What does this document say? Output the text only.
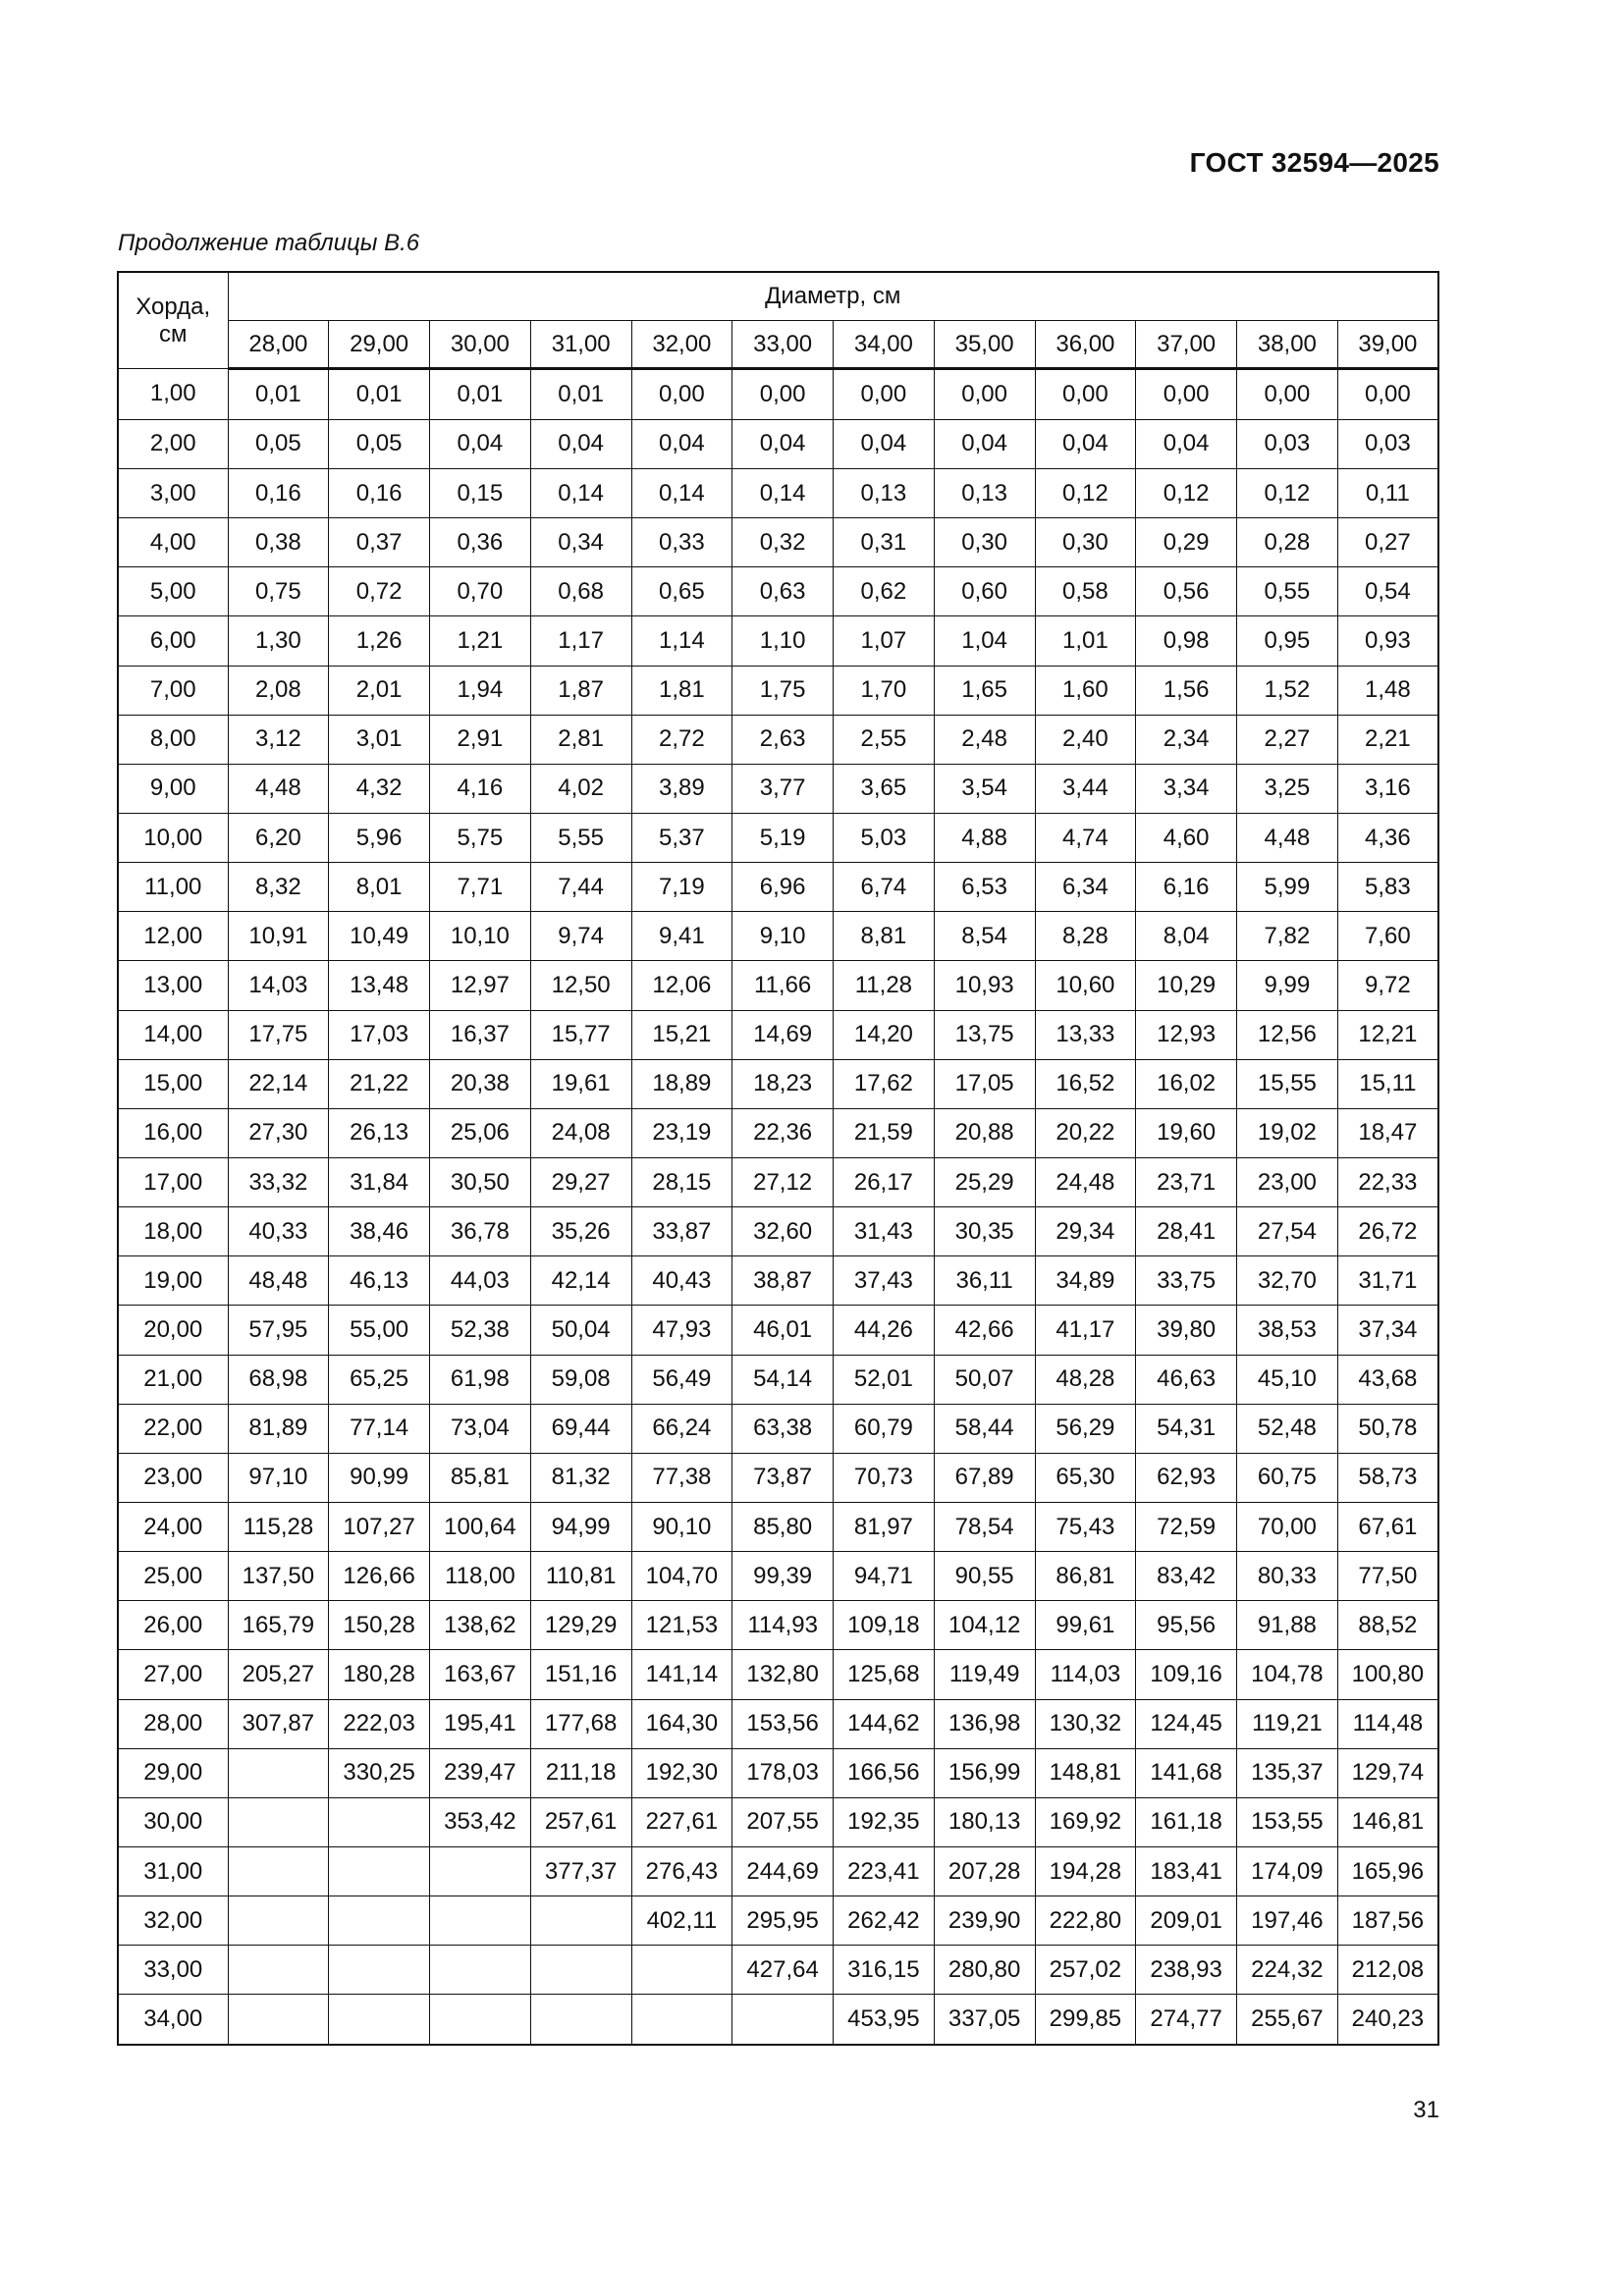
ГОСТ 32594—2025
Продолжение таблицы В.6
Хорда, см	Диаметр, см											
	28,00	29,00	30,00	31,00	32,00	33,00	34,00	35,00	36,00	37,00	38,00	39,00
1,00	0,01	0,01	0,01	0,01	0,00	0,00	0,00	0,00	0,00	0,00	0,00	0,00
2,00	0,05	0,05	0,04	0,04	0,04	0,04	0,04	0,04	0,04	0,04	0,03	0,03
3,00	0,16	0,16	0,15	0,14	0,14	0,14	0,13	0,13	0,12	0,12	0,12	0,11
4,00	0,38	0,37	0,36	0,34	0,33	0,32	0,31	0,30	0,30	0,29	0,28	0,27
5,00	0,75	0,72	0,70	0,68	0,65	0,63	0,62	0,60	0,58	0,56	0,55	0,54
6,00	1,30	1,26	1,21	1,17	1,14	1,10	1,07	1,04	1,01	0,98	0,95	0,93
7,00	2,08	2,01	1,94	1,87	1,81	1,75	1,70	1,65	1,60	1,56	1,52	1,48
8,00	3,12	3,01	2,91	2,81	2,72	2,63	2,55	2,48	2,40	2,34	2,27	2,21
9,00	4,48	4,32	4,16	4,02	3,89	3,77	3,65	3,54	3,44	3,34	3,25	3,16
10,00	6,20	5,96	5,75	5,55	5,37	5,19	5,03	4,88	4,74	4,60	4,48	4,36
11,00	8,32	8,01	7,71	7,44	7,19	6,96	6,74	6,53	6,34	6,16	5,99	5,83
12,00	10,91	10,49	10,10	9,74	9,41	9,10	8,81	8,54	8,28	8,04	7,82	7,60
13,00	14,03	13,48	12,97	12,50	12,06	11,66	11,28	10,93	10,60	10,29	9,99	9,72
14,00	17,75	17,03	16,37	15,77	15,21	14,69	14,20	13,75	13,33	12,93	12,56	12,21
15,00	22,14	21,22	20,38	19,61	18,89	18,23	17,62	17,05	16,52	16,02	15,55	15,11
16,00	27,30	26,13	25,06	24,08	23,19	22,36	21,59	20,88	20,22	19,60	19,02	18,47
17,00	33,32	31,84	30,50	29,27	28,15	27,12	26,17	25,29	24,48	23,71	23,00	22,33
18,00	40,33	38,46	36,78	35,26	33,87	32,60	31,43	30,35	29,34	28,41	27,54	26,72
19,00	48,48	46,13	44,03	42,14	40,43	38,87	37,43	36,11	34,89	33,75	32,70	31,71
20,00	57,95	55,00	52,38	50,04	47,93	46,01	44,26	42,66	41,17	39,80	38,53	37,34
21,00	68,98	65,25	61,98	59,08	56,49	54,14	52,01	50,07	48,28	46,63	45,10	43,68
22,00	81,89	77,14	73,04	69,44	66,24	63,38	60,79	58,44	56,29	54,31	52,48	50,78
23,00	97,10	90,99	85,81	81,32	77,38	73,87	70,73	67,89	65,30	62,93	60,75	58,73
24,00	115,28	107,27	100,64	94,99	90,10	85,80	81,97	78,54	75,43	72,59	70,00	67,61
25,00	137,50	126,66	118,00	110,81	104,70	99,39	94,71	90,55	86,81	83,42	80,33	77,50
26,00	165,79	150,28	138,62	129,29	121,53	114,93	109,18	104,12	99,61	95,56	91,88	88,52
27,00	205,27	180,28	163,67	151,16	141,14	132,80	125,68	119,49	114,03	109,16	104,78	100,80
28,00	307,87	222,03	195,41	177,68	164,30	153,56	144,62	136,98	130,32	124,45	119,21	114,48
29,00		330,25	239,47	211,18	192,30	178,03	166,56	156,99	148,81	141,68	135,37	129,74
30,00			353,42	257,61	227,61	207,55	192,35	180,13	169,92	161,18	153,55	146,81
31,00				377,37	276,43	244,69	223,41	207,28	194,28	183,41	174,09	165,96
32,00					402,11	295,95	262,42	239,90	222,80	209,01	197,46	187,56
33,00						427,64	316,15	280,80	257,02	238,93	224,32	212,08
34,00							453,95	337,05	299,85	274,77	255,67	240,23
31
